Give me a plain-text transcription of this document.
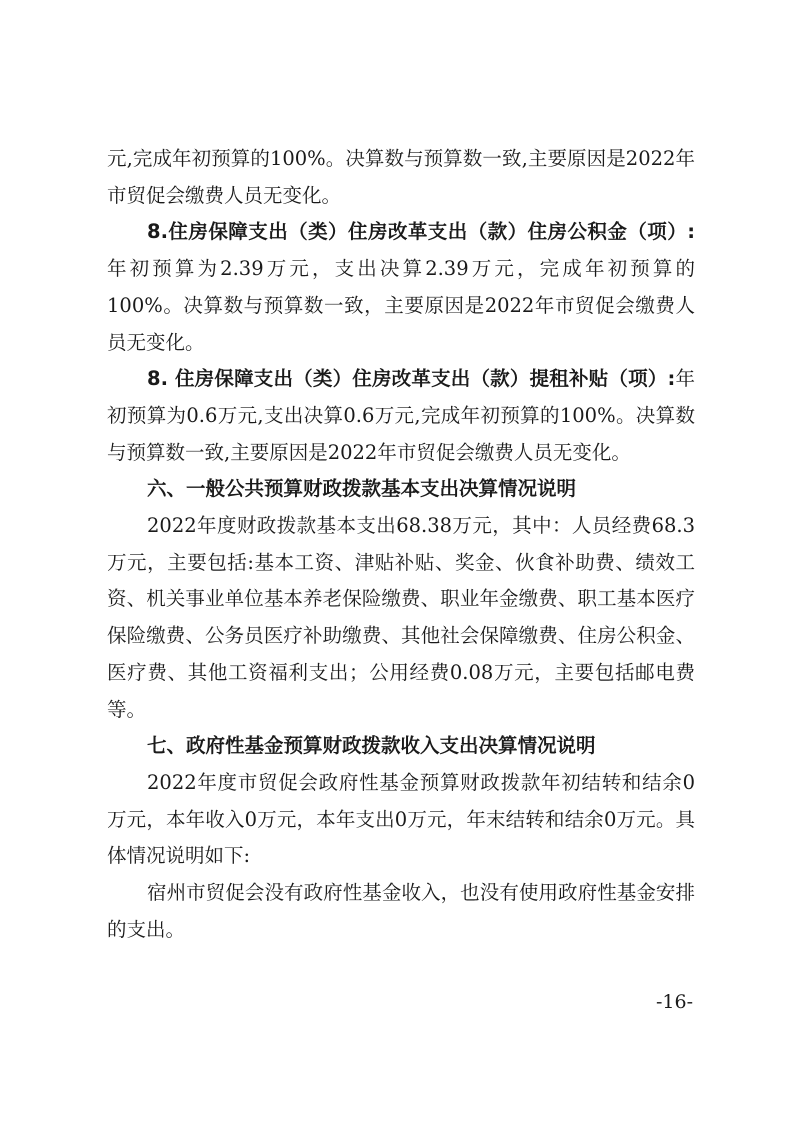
元,完成年初预算的100%。决算数与预算数一致,主要原因是2022年市贸促会缴费人员无变化。

8.住房保障支出（类）住房改革支出（款）住房公积金（项）:年初预算为2.39万元，支出决算2.39万元，完成年初预算的100%。决算数与预算数一致，主要原因是2022年市贸促会缴费人员无变化。

8. 住房保障支出（类）住房改革支出（款）提租补贴（项）:年初预算为0.6万元,支出决算0.6万元,完成年初预算的100%。决算数与预算数一致,主要原因是2022年市贸促会缴费人员无变化。

六、一般公共预算财政拨款基本支出决算情况说明

2022年度财政拨款基本支出68.38万元，其中：人员经费68.3万元，主要包括:基本工资、津贴补贴、奖金、伙食补助费、绩效工资、机关事业单位基本养老保险缴费、职业年金缴费、职工基本医疗保险缴费、公务员医疗补助缴费、其他社会保障缴费、住房公积金、医疗费、其他工资福利支出；公用经费0.08万元，主要包括邮电费等。

七、政府性基金预算财政拨款收入支出决算情况说明

2022年度市贸促会政府性基金预算财政拨款年初结转和结余0万元，本年收入0万元，本年支出0万元，年末结转和结余0万元。具体情况说明如下:

宿州市贸促会没有政府性基金收入，也没有使用政府性基金安排的支出。

-16-
